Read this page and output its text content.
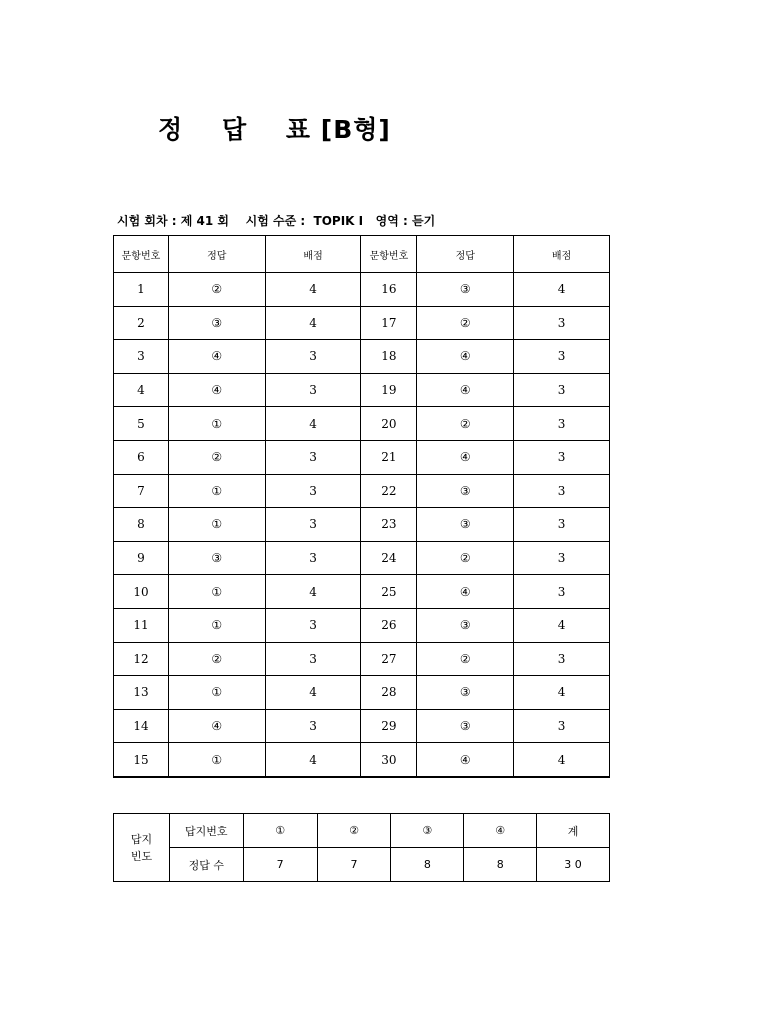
정    답    표 [B형]
시험 회차 : 제 41 회    시험 수준 :  TOPIK I   영역 : 듣기
문항번호	정답	배점	문항번호	정답	배점
1	②	4	16	③	4
2	③	4	17	②	3
3	④	3	18	④	3
4	④	3	19	④	3
5	①	4	20	②	3
6	②	3	21	④	3
7	①	3	22	③	3
8	①	3	23	③	3
9	③	3	24	②	3
10	①	4	25	④	3
11	①	3	26	③	4
12	②	3	27	②	3
13	①	4	28	③	4
14	④	3	29	③	3
15	①	4	30	④	4
답지
빈도	답지번호	①	②	③	④	계
	정답 수	7	7	8	8	3 0
